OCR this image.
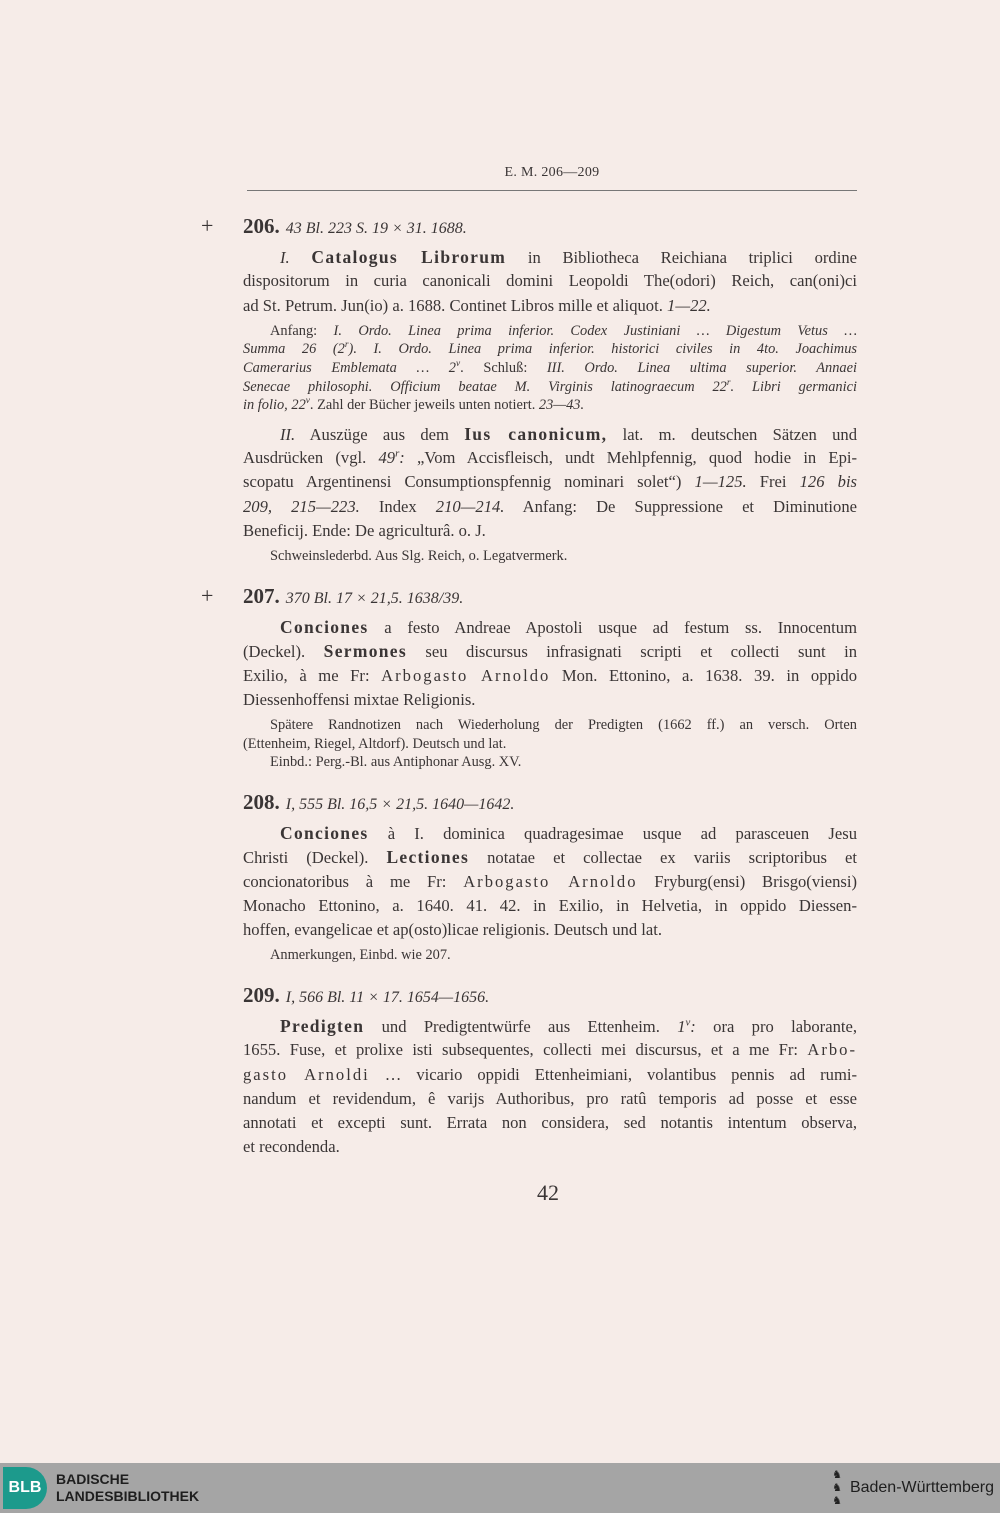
E. M. 206—209
+ 206. 43 Bl. 223 S. 19 × 31. 1688.
I. Catalogus Librorum in Bibliotheca Reichiana triplici ordine
dispositorum in curia canonicali domini Leopoldi The(odori) Reich, can(oni)ci
ad St. Petrum. Jun(io) a. 1688. Continet Libros mille et aliquot. 1—22.
Anfang: I. Ordo. Linea prima inferior. Codex Justiniani … Digestum Vetus …
Summa 26 (2$^r$). I. Ordo. Linea prima inferior. historici civiles in 4to. Joachimus
Camerarius Emblemata … 2$^v$. Schluß: III. Ordo. Linea ultima superior. Annaei
Senecae philosophi. Officium beatae M. Virginis latinograecum 22$^r$. Libri germanici
in folio, 22$^v$. Zahl der Bücher jeweils unten notiert. 23—43.
II. Auszüge aus dem Ius canonicum, lat. m. deutschen Sätzen und
Ausdrücken (vgl. 49$^r$: „Vom Accisfleisch, undt Mehlpfennig, quod hodie in Epi-
scopatu Argentinensi Consumptionspfennig nominari solet“) 1—125. Frei 126 bis
209, 215—223. Index 210—214. Anfang: De Suppressione et Diminutione
Beneficij. Ende: De agriculturâ. o. J.
Schweinslederbd. Aus Slg. Reich, o. Legatvermerk.
+ 207. 370 Bl. 17 × 21,5. 1638/39.
Conciones a festo Andreae Apostoli usque ad festum ss. Innocentum
(Deckel). Sermones seu discursus infrasignati scripti et collecti sunt in
Exilio, à me Fr: Arbogasto Arnoldo Mon. Ettonino, a. 1638. 39. in oppido
Diessenhoffensi mixtae Religionis.
Spätere Randnotizen nach Wiederholung der Predigten (1662 ff.) an versch. Orten
(Ettenheim, Riegel, Altdorf). Deutsch und lat.
Einbd.: Perg.-Bl. aus Antiphonar Ausg. XV.
208. I, 555 Bl. 16,5 × 21,5. 1640—1642.
Conciones à I. dominica quadragesimae usque ad parasceuen Jesu
Christi (Deckel). Lectiones notatae et collectae ex variis scriptoribus et
concionatoribus à me Fr: Arbogasto Arnoldo Fryburg(ensi) Brisgo(viensi)
Monacho Ettonino, a. 1640. 41. 42. in Exilio, in Helvetia, in oppido Diessen-
hoffen, evangelicae et ap(osto)licae religionis. Deutsch und lat.
Anmerkungen, Einbd. wie 207.
209. I, 566 Bl. 11 × 17. 1654—1656.
Predigten und Predigtentwürfe aus Ettenheim. 1$^v$: ora pro laborante,
1655. Fuse, et prolixe isti subsequentes, collecti mei discursus, et a me Fr: Arbo-
gasto Arnoldi … vicario oppidi Ettenheimiani, volantibus pennis ad rumi-
nandum et revidendum, ê varijs Authoribus, pro ratû temporis ad posse et esse
annotati et excepti sunt. Errata non considera, sed notantis intentum observa,
et recondenda.
42
BLB	BADISCHE
LANDESBIBLIOTHEK
♞
♞
♞
Baden-Württemberg
